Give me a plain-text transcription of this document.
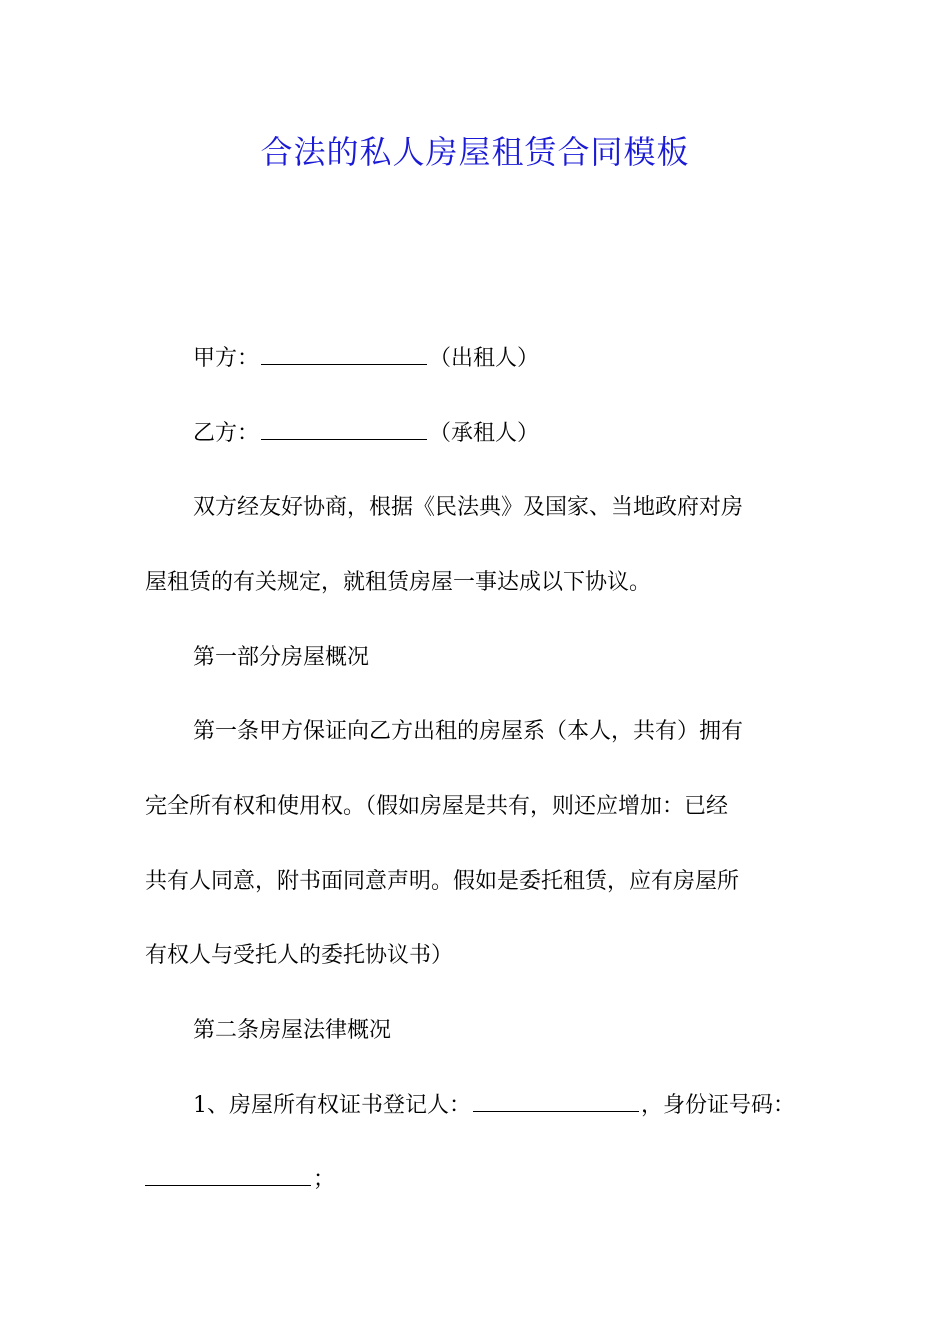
合法的私人房屋租赁合同模板
甲方：	（出租人）
乙方：	（承租人）
双方经友好协商，根据《民法典》及国家、当地政府对房
屋租赁的有关规定，就租赁房屋一事达成以下协议。
第一部分房屋概况
第一条甲方保证向乙方出租的房屋系（本人，共有）拥有
完全所有权和使用权。（假如房屋是共有，则还应增加：已经
共有人同意，附书面同意声明。假如是委托租赁，应有房屋所
有权人与受托人的委托协议书）
第二条房屋法律概况
1、房屋所有权证书登记人：	，身份证号码：
；
